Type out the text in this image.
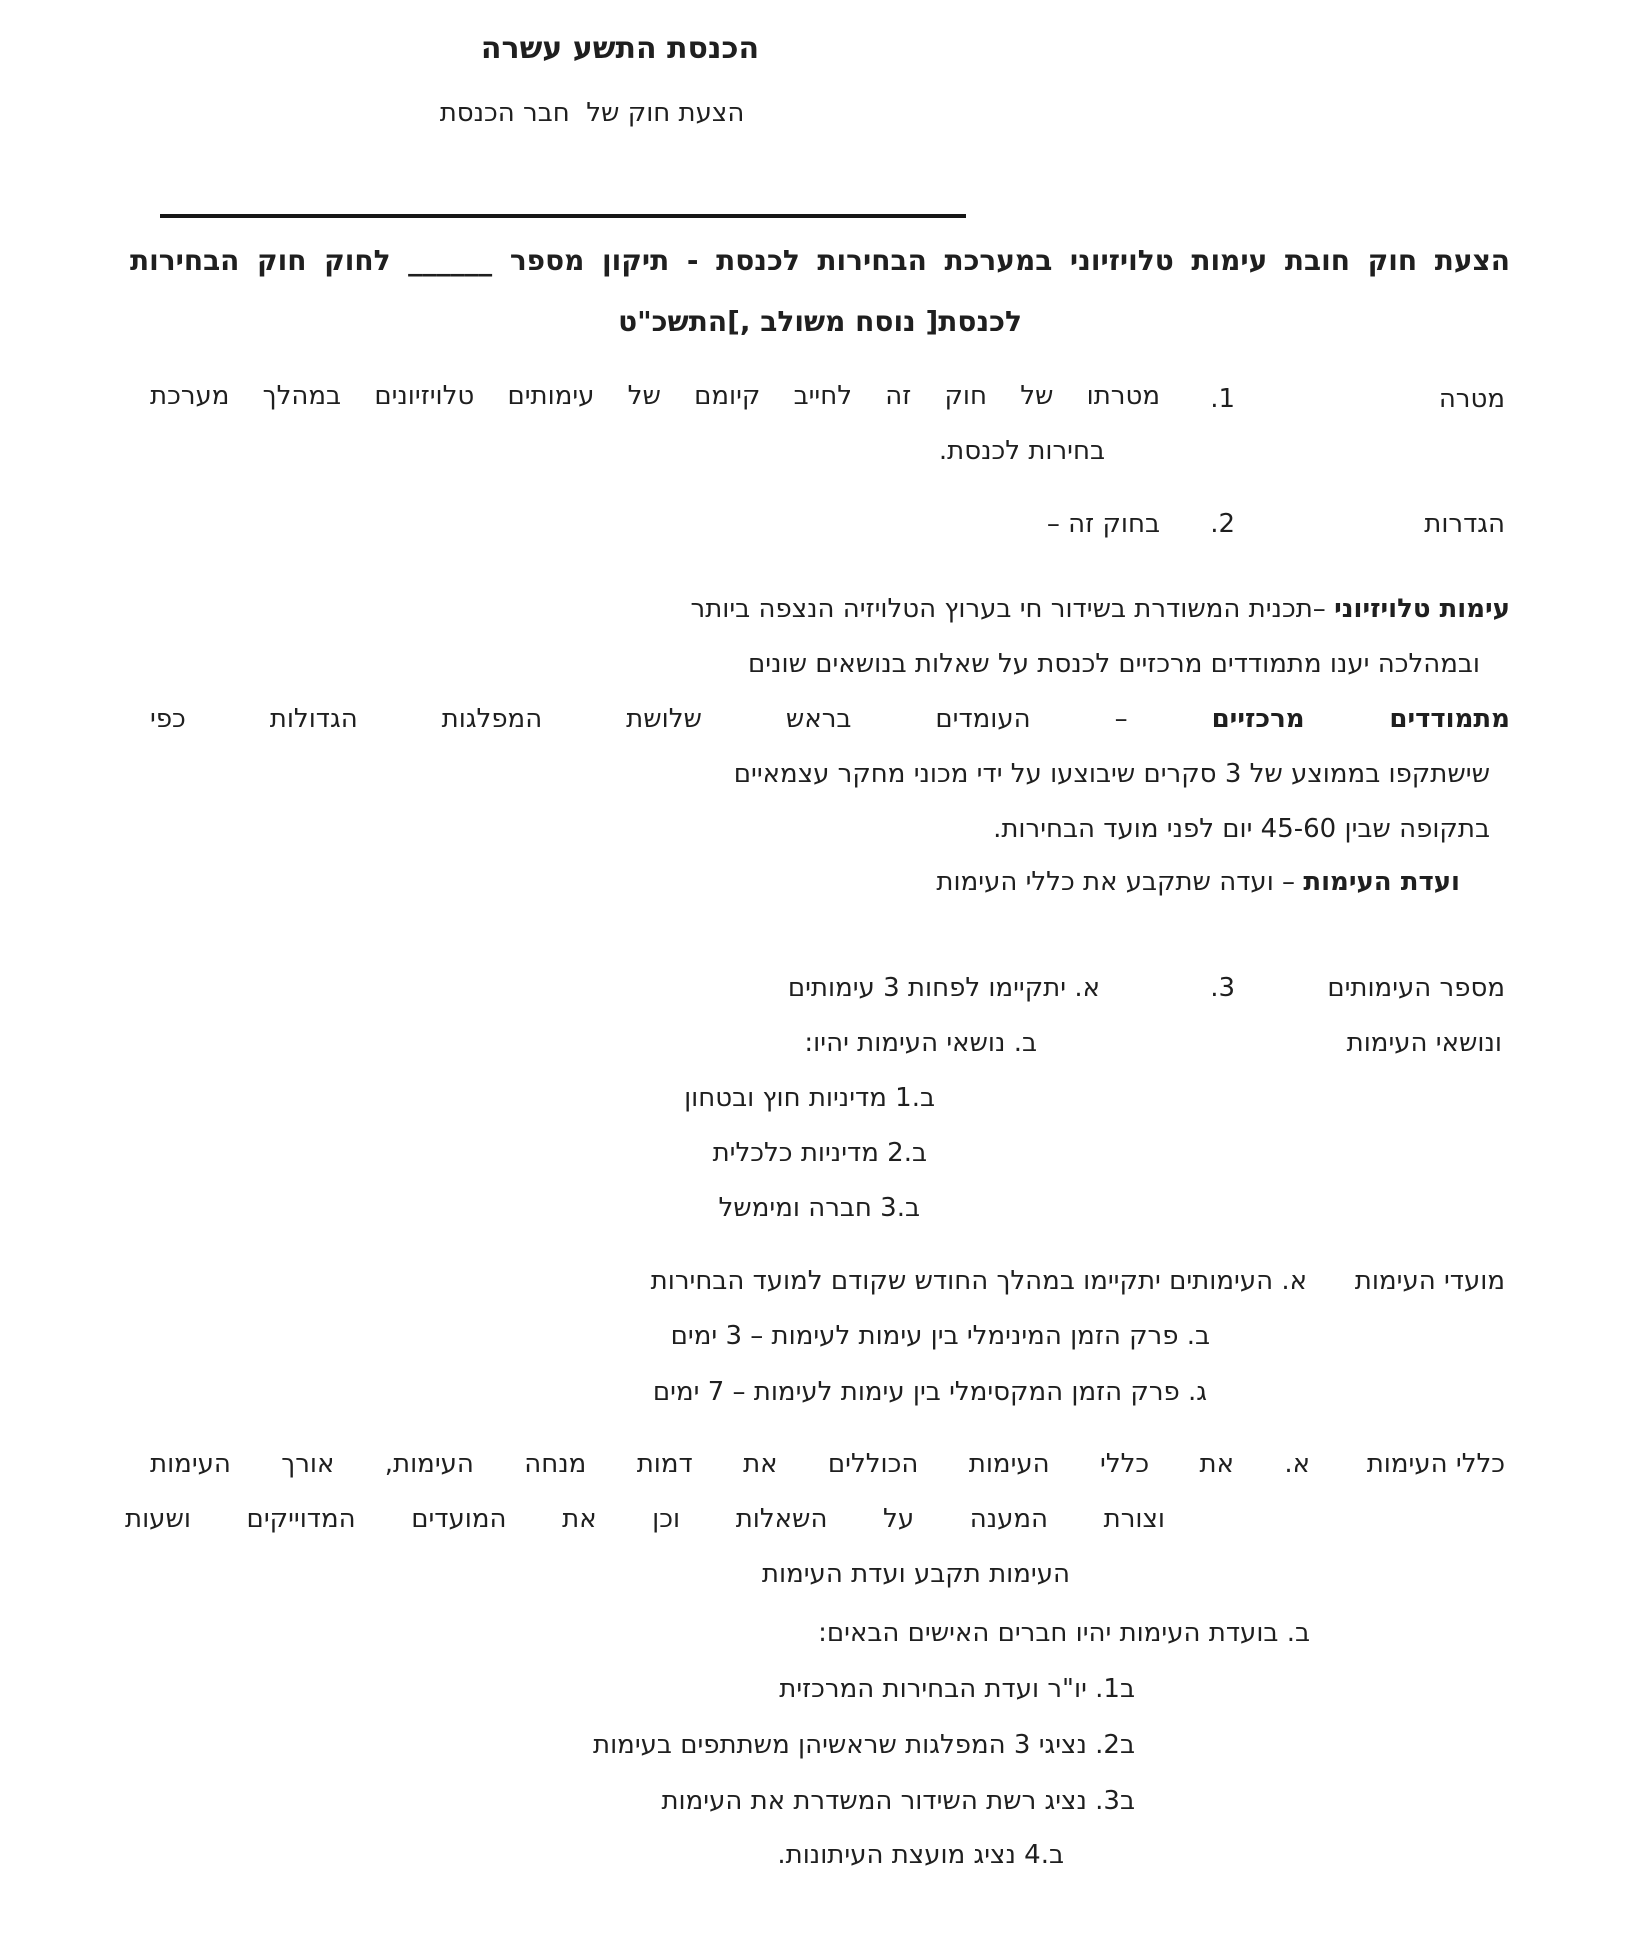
הכנסת התשע עשרה
הצעת חוק של  חבר הכנסת
הצעת חוק חובת עימות טלויזיוני במערכת הבחירות לכנסת - תיקון מספר ______ לחוק חוק הבחירות
לכנסת[ נוסח משולב ,]התשכ"ט
מטרה
1.
מטרתו של חוק זה לחייב קיומם של עימותים טלויזיונים במהלך מערכת
בחירות לכנסת.
הגדרות
2.
בחוק זה –
עימות טלויזיוני –תכנית המשודרת בשידור חי בערוץ הטלויזיה הנצפה ביותר
ובמהלכה יענו מתמודדים מרכזיים לכנסת על שאלות בנושאים שונים
מתמודדים מרכזיים – העומדים בראש שלושת המפלגות הגדולות כפי
שישתקפו בממוצע של 3 סקרים שיבוצעו על ידי מכוני מחקר עצמאיים
בתקופה שבין 45-60 יום לפני מועד הבחירות.
ועדת העימות – ועדה שתקבע את כללי העימות
מספר העימותים
ונושאי העימות
3.
א. יתקיימו לפחות 3 עימותים
ב. נושאי העימות יהיו:
ב.1 מדיניות חוץ ובטחון
ב.2 מדיניות כלכלית
ב.3 חברה ומימשל
מועדי העימות
א. העימותים יתקיימו במהלך החודש שקודם למועד הבחירות
ב. פרק הזמן המינימלי בין עימות לעימות – 3 ימים
ג. פרק הזמן המקסימלי בין עימות לעימות – 7 ימים
כללי העימות
א. את כללי העימות הכוללים את דמות מנחה העימות, אורך העימות
וצורת המענה על השאלות וכן את המועדים המדוייקים ושעות
העימות תקבע ועדת העימות
ב. בועדת העימות יהיו חברים האישים הבאים:
ב1. יו"ר ועדת הבחירות המרכזית
ב2. נציגי 3 המפלגות שראשיהן משתתפים בעימות
ב3. נציג רשת השידור המשדרת את העימות
ב.4 נציג מועצת העיתונות.
